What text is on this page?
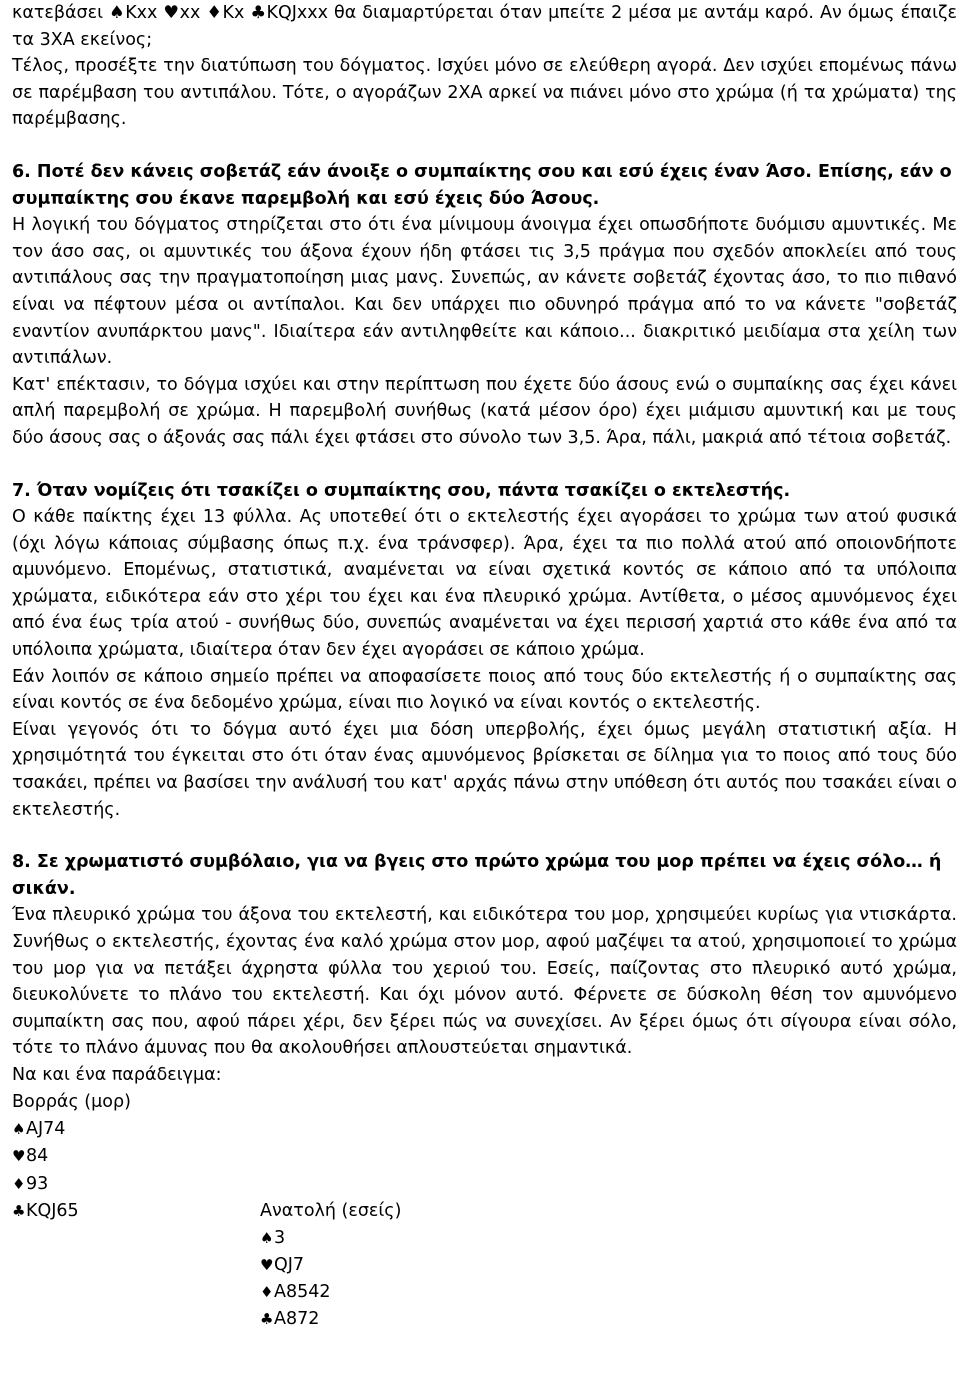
κατεβάσει ♠Kxx ♥xx ♦Kx ♣KQJxxx θα διαμαρτύρεται όταν μπείτε 2 μέσα με αντάμ καρό. Αν όμως έπαιζε τα 3ΧΑ εκείνος;

Τέλος, προσέξτε την διατύπωση του δόγματος. Ισχύει μόνο σε ελεύθερη αγορά. Δεν ισχύει επομένως πάνω σε παρέμβαση του αντιπάλου. Τότε, ο αγοράζων 2ΧΑ αρκεί να πιάνει μόνο στο χρώμα (ή τα χρώματα) της παρέμβασης.

6. Ποτέ δεν κάνεις σοβετάζ εάν άνοιξε ο συμπαίκτης σου και εσύ έχεις έναν Άσο. Επίσης, εάν ο συμπαίκτης σου έκανε παρεμβολή και εσύ έχεις δύο Άσους.

Η λογική του δόγματος στηρίζεται στο ότι ένα μίνιμουμ άνοιγμα έχει οπωσδήποτε δυόμισυ αμυντικές. Με τον άσο σας, οι αμυντικές του άξονα έχουν ήδη φτάσει τις 3,5 πράγμα που σχεδόν αποκλείει από τους αντιπάλους σας την πραγματοποίηση μιας μανς. Συνεπώς, αν κάνετε σοβετάζ έχοντας άσο, το πιο πιθανό είναι να πέφτουν μέσα οι αντίπαλοι. Και δεν υπάρχει πιο οδυνηρό πράγμα από το να κάνετε "σοβετάζ εναντίον ανυπάρκτου μανς". Ιδιαίτερα εάν αντιληφθείτε και κάποιο... διακριτικό μειδίαμα στα χείλη των αντιπάλων.

Κατ' επέκτασιν, το δόγμα ισχύει και στην περίπτωση που έχετε δύο άσους ενώ ο συμπαίκης σας έχει κάνει απλή παρεμβολή σε χρώμα. Η παρεμβολή συνήθως (κατά μέσον όρο) έχει μιάμισυ αμυντική και με τους δύο άσους σας ο άξονάς σας πάλι έχει φτάσει στο σύνολο των 3,5. Άρα, πάλι, μακριά από τέτοια σοβετάζ.

7. Όταν νομίζεις ότι τσακίζει ο συμπαίκτης σου, πάντα τσακίζει ο εκτελεστής.

Ο κάθε παίκτης έχει 13 φύλλα. Ας υποτεθεί ότι ο εκτελεστής έχει αγοράσει το χρώμα των ατού φυσικά (όχι λόγω κάποιας σύμβασης όπως π.χ. ένα τράνσφερ). Άρα, έχει τα πιο πολλά ατού από οποιονδήποτε αμυνόμενο. Επομένως, στατιστικά, αναμένεται να είναι σχετικά κοντός σε κάποιο από τα υπόλοιπα χρώματα, ειδικότερα εάν στο χέρι του έχει και ένα πλευρικό χρώμα. Αντίθετα, ο μέσος αμυνόμενος έχει από ένα έως τρία ατού - συνήθως δύο, συνεπώς αναμένεται να έχει περισσή χαρτιά στο κάθε ένα από τα υπόλοιπα χρώματα, ιδιαίτερα όταν δεν έχει αγοράσει σε κάποιο χρώμα.

Εάν λοιπόν σε κάποιο σημείο πρέπει να αποφασίσετε ποιος από τους δύο εκτελεστής ή ο συμπαίκτης σας είναι κοντός σε ένα δεδομένο χρώμα, είναι πιο λογικό να είναι κοντός ο εκτελεστής.

Είναι γεγονός ότι το δόγμα αυτό έχει μια δόση υπερβολής, έχει όμως μεγάλη στατιστική αξία. Η χρησιμότητά του έγκειται στο ότι όταν ένας αμυνόμενος βρίσκεται σε δίλημα για το ποιος από τους δύο τσακάει, πρέπει να βασίσει την ανάλυσή του κατ' αρχάς πάνω στην υπόθεση ότι αυτός που τσακάει είναι ο εκτελεστής.

8. Σε χρωματιστό συμβόλαιο, για να βγεις στο πρώτο χρώμα του μορ πρέπει να έχεις σόλο… ή σικάν.

Ένα πλευρικό χρώμα του άξονα του εκτελεστή, και ειδικότερα του μορ, χρησιμεύει κυρίως για ντισκάρτα. Συνήθως ο εκτελεστής, έχοντας ένα καλό χρώμα στον μορ, αφού μαζέψει τα ατού, χρησιμοποιεί το χρώμα του μορ για να πετάξει άχρηστα φύλλα του χεριού του. Εσείς, παίζοντας στο πλευρικό αυτό χρώμα, διευκολύνετε το πλάνο του εκτελεστή. Και όχι μόνον αυτό. Φέρνετε σε δύσκολη θέση τον αμυνόμενο συμπαίκτη σας που, αφού πάρει χέρι, δεν ξέρει πώς να συνεχίσει. Αν ξέρει όμως ότι σίγουρα είναι σόλο, τότε το πλάνο άμυνας που θα ακολουθήσει απλουστεύεται σημαντικά.

Να και ένα παράδειγμα:

Βορράς (μορ)
♠AJ74
♥84
♦93
♣KQJ65	Ανατολή (εσείς)
♠3
♥QJ7
♦A8542
♣A872
